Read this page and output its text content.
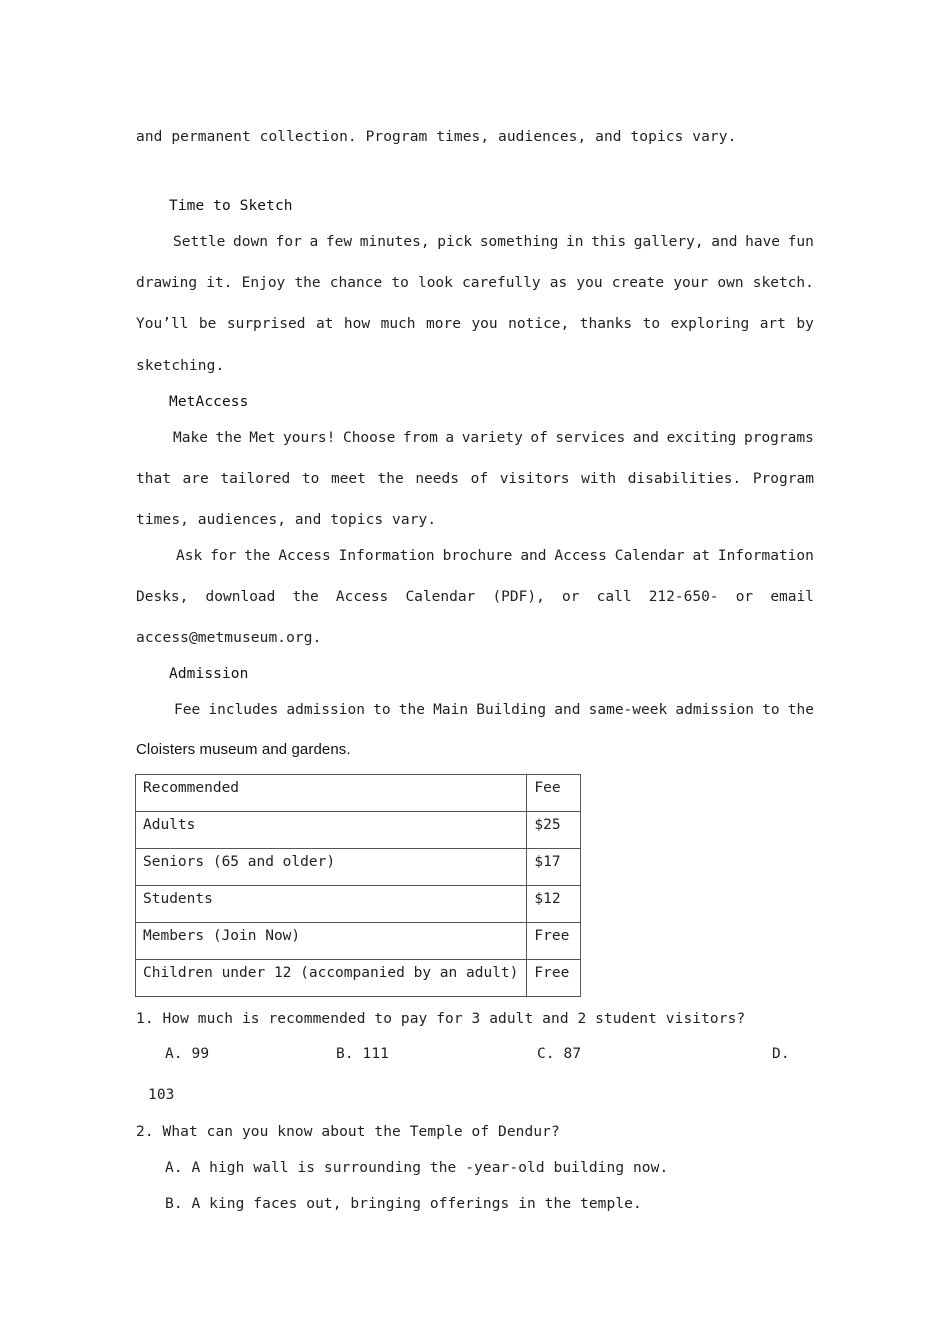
and permanent collection. Program times, audiences, and topics vary.
Time to Sketch
Settle down for a few minutes, pick something in this gallery, and have fun
drawing it. Enjoy the chance to look carefully as you create your own sketch.
You’ll be surprised at how much more you notice, thanks to exploring art by
sketching.
MetAccess
Make the Met yours! Choose from a variety of services and exciting programs
that are tailored to meet the needs of visitors with disabilities. Program
times, audiences, and topics vary.
Ask for the Access Information brochure and Access Calendar at Information
Desks, download the Access Calendar (PDF), or call 212-650- or email
access@metmuseum.org.
Admission
Fee includes admission to the Main Building and same-week admission to the
Cloisters museum and gardens.
Recommended	Fee
Adults	$25
Seniors (65 and older)	$17
Students	$12
Members (Join Now)	Free
Children under 12 (accompanied by an adult)	Free
1. How much is recommended to pay for 3 adult and 2 student visitors?
A. 99	B. 111	C. 87	D.
103
2. What can you know about the Temple of Dendur?
A. A high wall is surrounding the -year-old building now.
B. A king faces out, bringing offerings in the temple.
